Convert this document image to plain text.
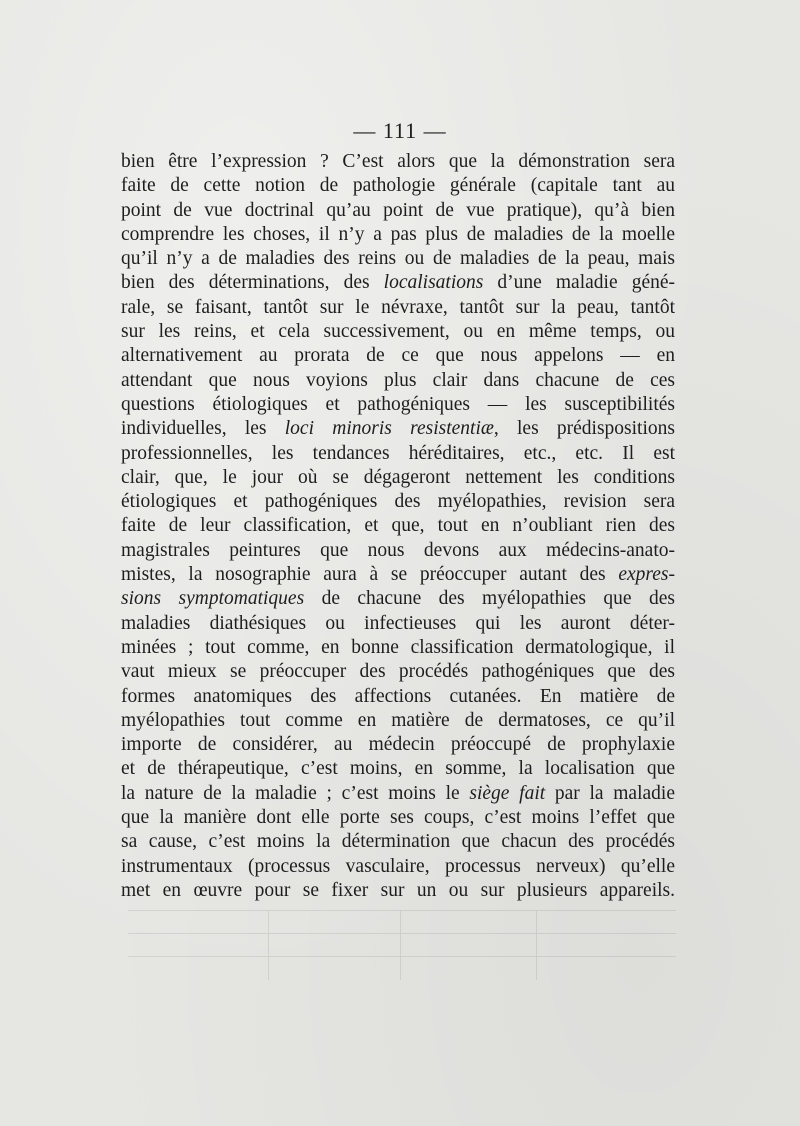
— 111 —
bien être l’expression ? C’est alors que la démonstration sera
faite de cette notion de pathologie générale (capitale tant au
point de vue doctrinal qu’au point de vue pratique), qu’à bien
comprendre les choses, il n’y a pas plus de maladies de la moelle
qu’il n’y a de maladies des reins ou de maladies de la peau, mais
bien des déterminations, des localisations d’une maladie géné-
rale, se faisant, tantôt sur le névraxe, tantôt sur la peau, tantôt
sur les reins, et cela successivement, ou en même temps, ou
alternativement au prorata de ce que nous appelons — en
attendant que nous voyions plus clair dans chacune de ces
questions étiologiques et pathogéniques — les susceptibilités
individuelles, les loci minoris resistentiæ, les prédispositions
professionnelles, les tendances héréditaires, etc., etc. Il est
clair, que, le jour où se dégageront nettement les conditions
étiologiques et pathogéniques des myélopathies, revision sera
faite de leur classification, et que, tout en n’oubliant rien des
magistrales peintures que nous devons aux médecins-anato-
mistes, la nosographie aura à se préoccuper autant des expres-
sions symptomatiques de chacune des myélopathies que des
maladies diathésiques ou infectieuses qui les auront déter-
minées ; tout comme, en bonne classification dermatologique, il
vaut mieux se préoccuper des procédés pathogéniques que des
formes anatomiques des affections cutanées. En matière de
myélopathies tout comme en matière de dermatoses, ce qu’il
importe de considérer, au médecin préoccupé de prophylaxie
et de thérapeutique, c’est moins, en somme, la localisation que
la nature de la maladie ; c’est moins le siège fait par la maladie
que la manière dont elle porte ses coups, c’est moins l’effet que
sa cause, c’est moins la détermination que chacun des procédés
instrumentaux (processus vasculaire, processus nerveux) qu’elle
met en œuvre pour se fixer sur un ou sur plusieurs appareils.
